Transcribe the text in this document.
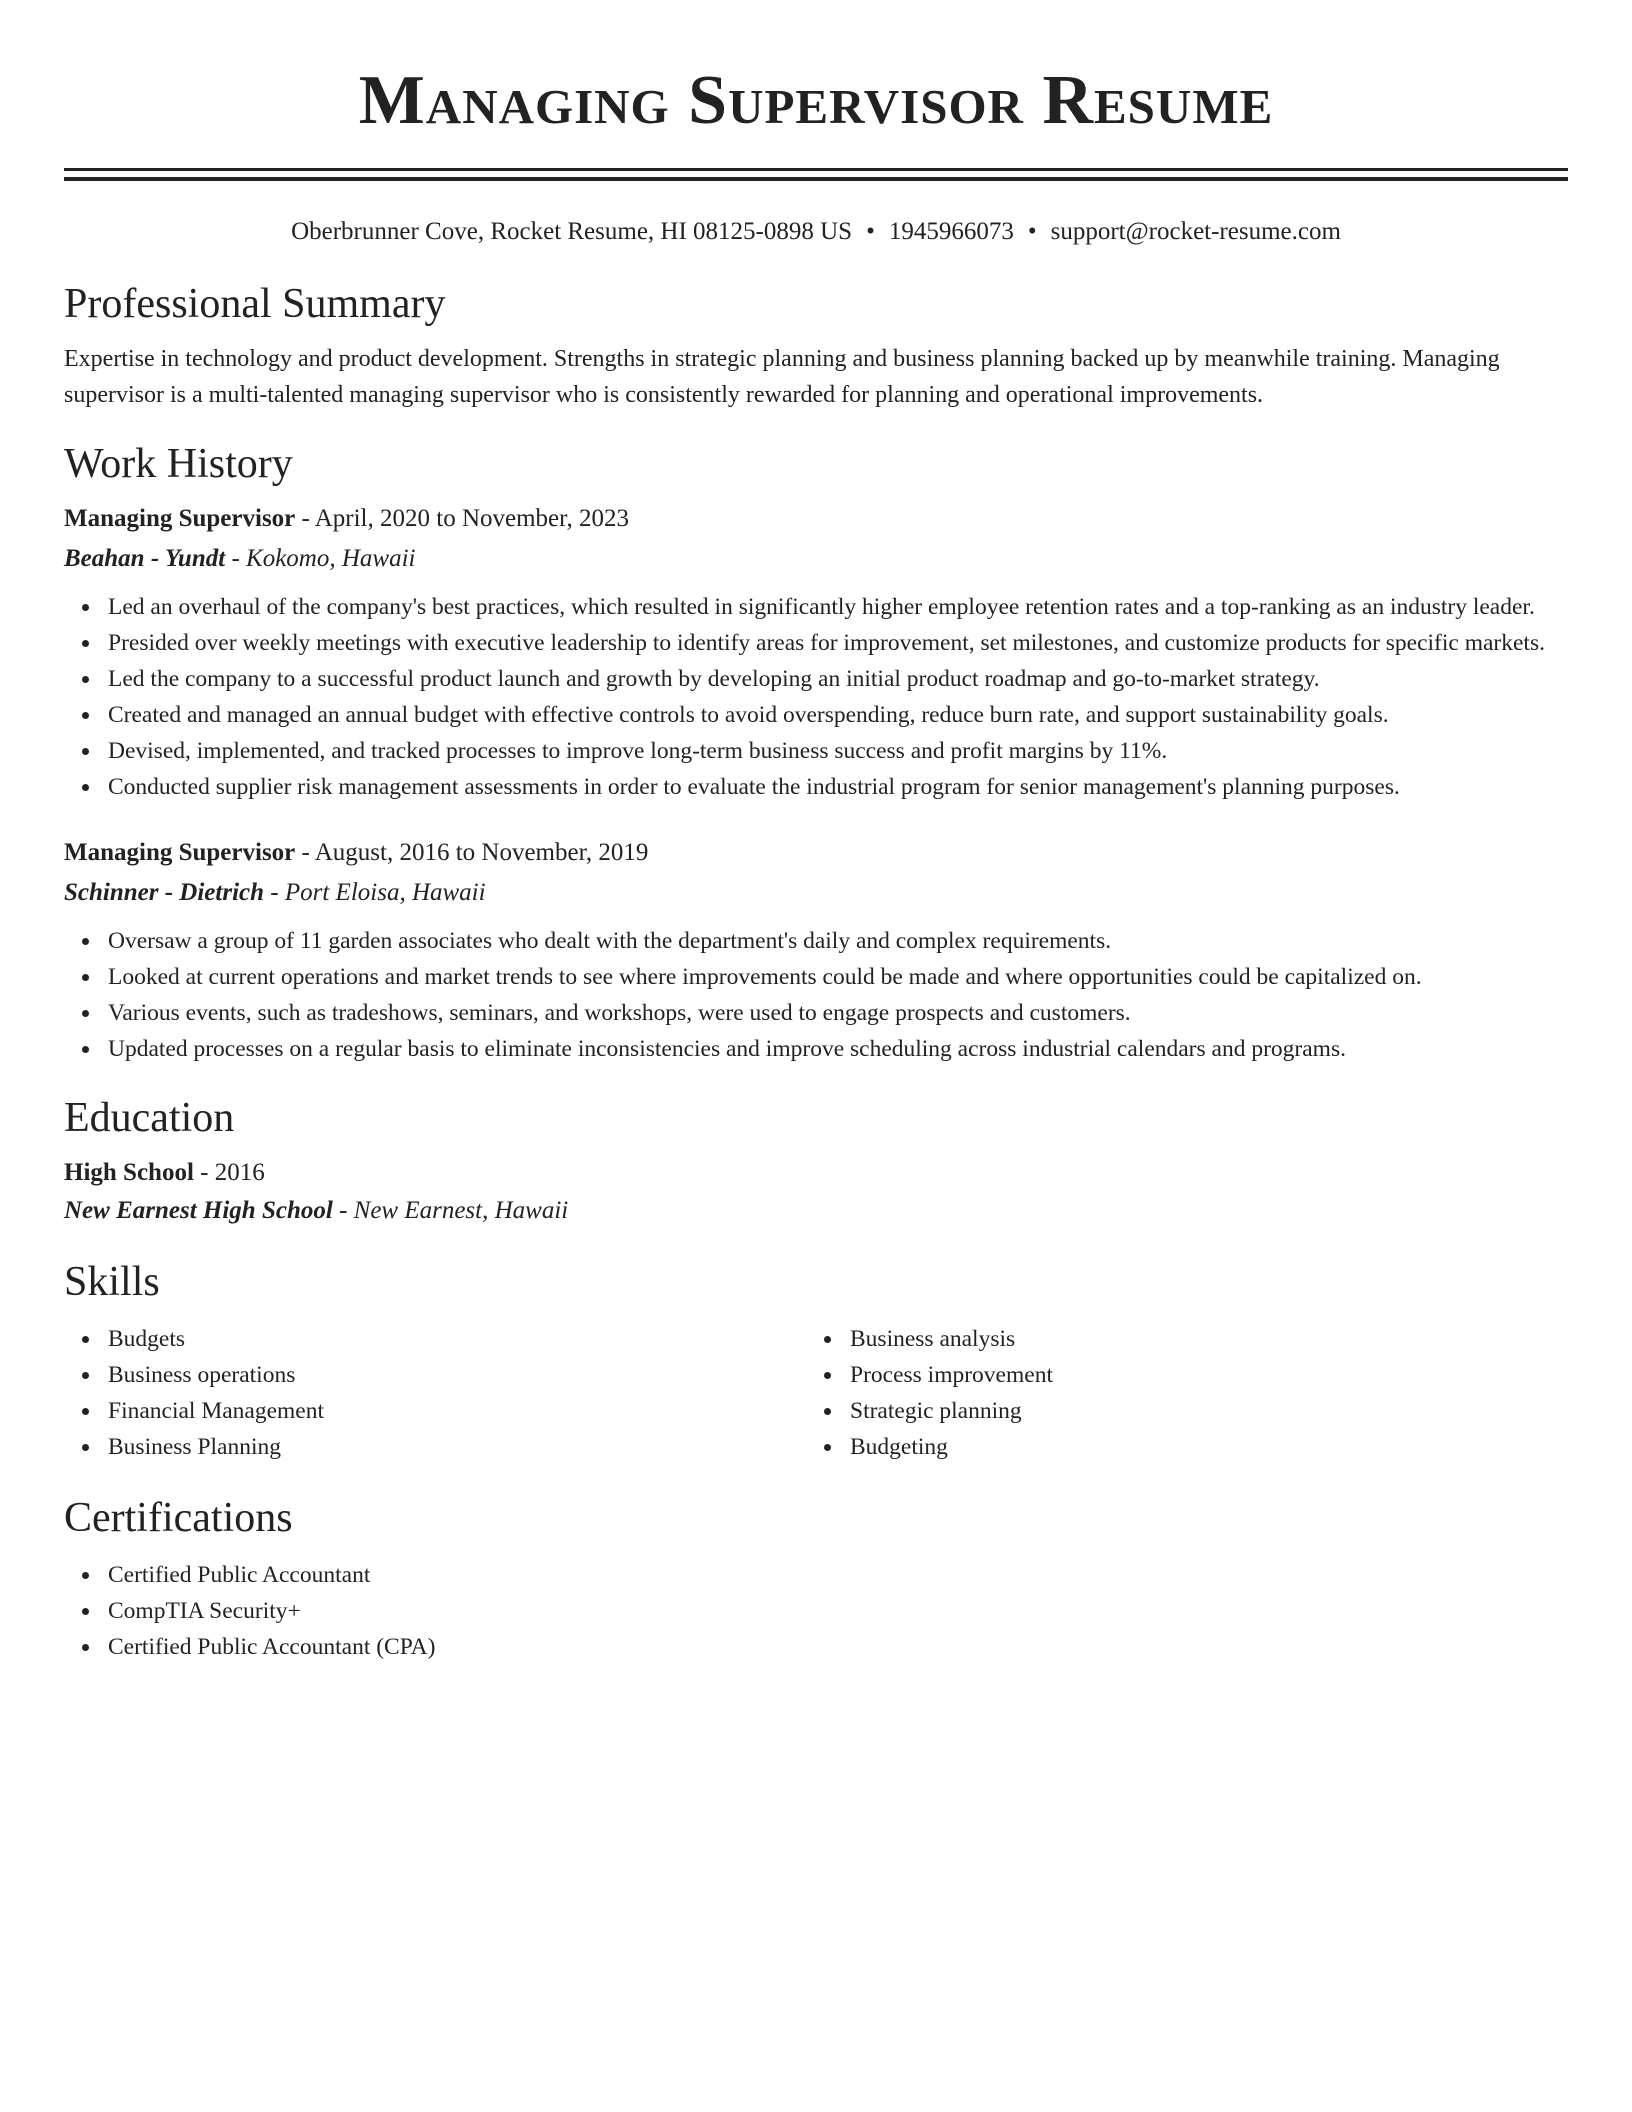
Managing Supervisor Resume
Oberbrunner Cove, Rocket Resume, HI 08125-0898 US • 1945966073 • support@rocket-resume.com
Professional Summary

Expertise in technology and product development. Strengths in strategic planning and business planning backed up by meanwhile training. Managing supervisor is a multi-talented managing supervisor who is consistently rewarded for planning and operational improvements.

Work History
Managing Supervisor - April, 2020 to November, 2023
Beahan - Yundt - Kokomo, Hawaii
Led an overhaul of the company's best practices, which resulted in significantly higher employee retention rates and a top-ranking as an industry leader.
Presided over weekly meetings with executive leadership to identify areas for improvement, set milestones, and customize products for specific markets.
Led the company to a successful product launch and growth by developing an initial product roadmap and go-to-market strategy.
Created and managed an annual budget with effective controls to avoid overspending, reduce burn rate, and support sustainability goals.
Devised, implemented, and tracked processes to improve long-term business success and profit margins by 11%.
Conducted supplier risk management assessments in order to evaluate the industrial program for senior management's planning purposes.
Managing Supervisor - August, 2016 to November, 2019
Schinner - Dietrich - Port Eloisa, Hawaii
Oversaw a group of 11 garden associates who dealt with the department's daily and complex requirements.
Looked at current operations and market trends to see where improvements could be made and where opportunities could be capitalized on.
Various events, such as tradeshows, seminars, and workshops, were used to engage prospects and customers.
Updated processes on a regular basis to eliminate inconsistencies and improve scheduling across industrial calendars and programs.
Education
High School - 2016
New Earnest High School - New Earnest, Hawaii
Skills
Budgets
Business operations
Financial Management
Business Planning
Business analysis
Process improvement
Strategic planning
Budgeting
Certifications
Certified Public Accountant
CompTIA Security+
Certified Public Accountant (CPA)
